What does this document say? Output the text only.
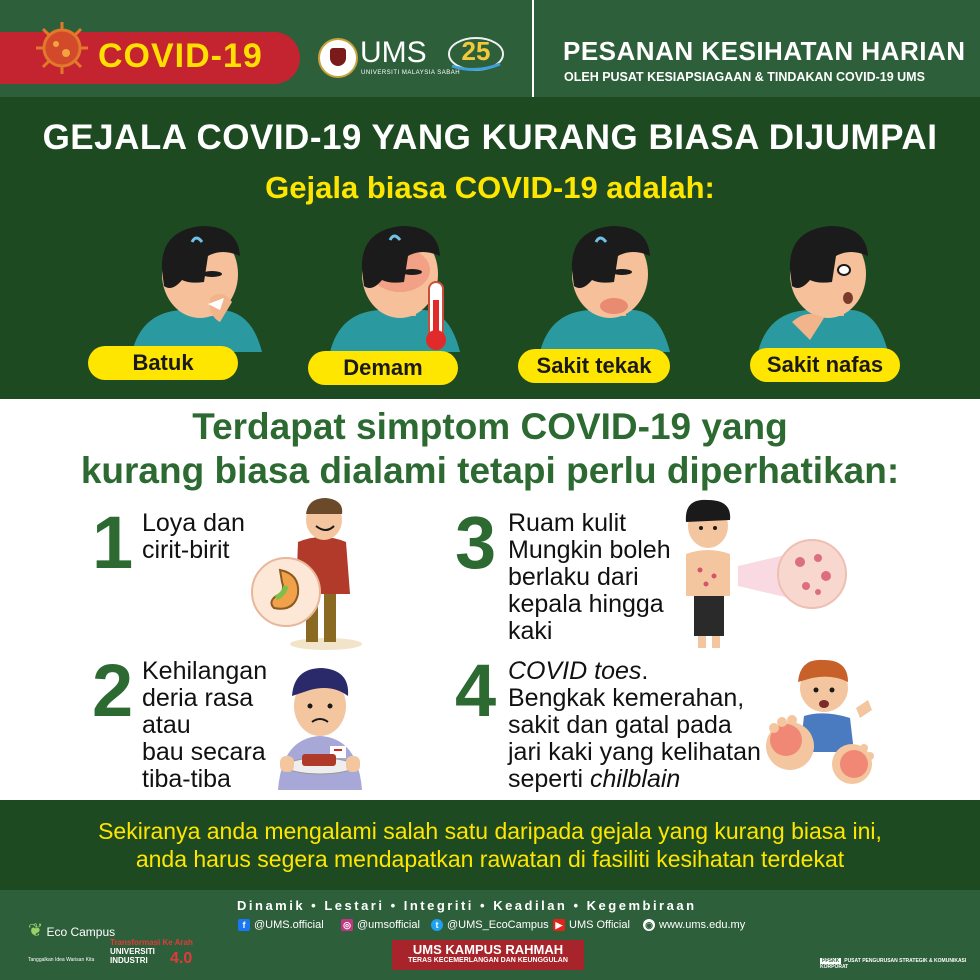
COVID-19	UMS
UNIVERSITI MALAYSIA SABAH
25	PESANAN KESIHATAN HARIAN
OLEH PUSAT KESIAPSIAGAAN & TINDAKAN COVID-19 UMS
GEJALA COVID-19 YANG KURANG BIASA DIJUMPAI
Gejala biasa COVID-19 adalah:
Batuk	Demam	Sakit tekak	Sakit nafas
Terdapat simptom COVID-19 yang
kurang biasa dialami tetapi perlu diperhatikan:
1 Loya dan
cirit-birit
2 Kehilangan
deria rasa
atau
bau secara
tiba-tiba
3 Ruam kulit
Mungkin boleh
berlaku dari
kepala hingga
kaki
4 COVID toes.
Bengkak kemerahan,
sakit dan gatal pada
jari kaki yang kelihatan
seperti chilblain
Sekiranya anda mengalami salah satu daripada gejala yang kurang biasa ini,
anda harus segera mendapatkan rawatan di fasiliti kesihatan terdekat
Dinamik • Lestari • Integriti • Keadilan • Kegembiraan
f @UMS.official ◎ @umsofficial	t @UMS_EcoCampus ▶ UMS Official ◉ www.ums.edu.my
❦ Eco Campus
Tanggalkan Idea Warisan Kita
Transformasi Ke Arah
UNIVERSITI
INDUSTRI 4.0
UMS KAMPUS RAHMAH
TERAS KECEMERLANGAN DAN KEUNGGULAN	PPSKK PUSAT PENGURUSAN STRATEGIK & KOMUNIKASI KORPORAT
